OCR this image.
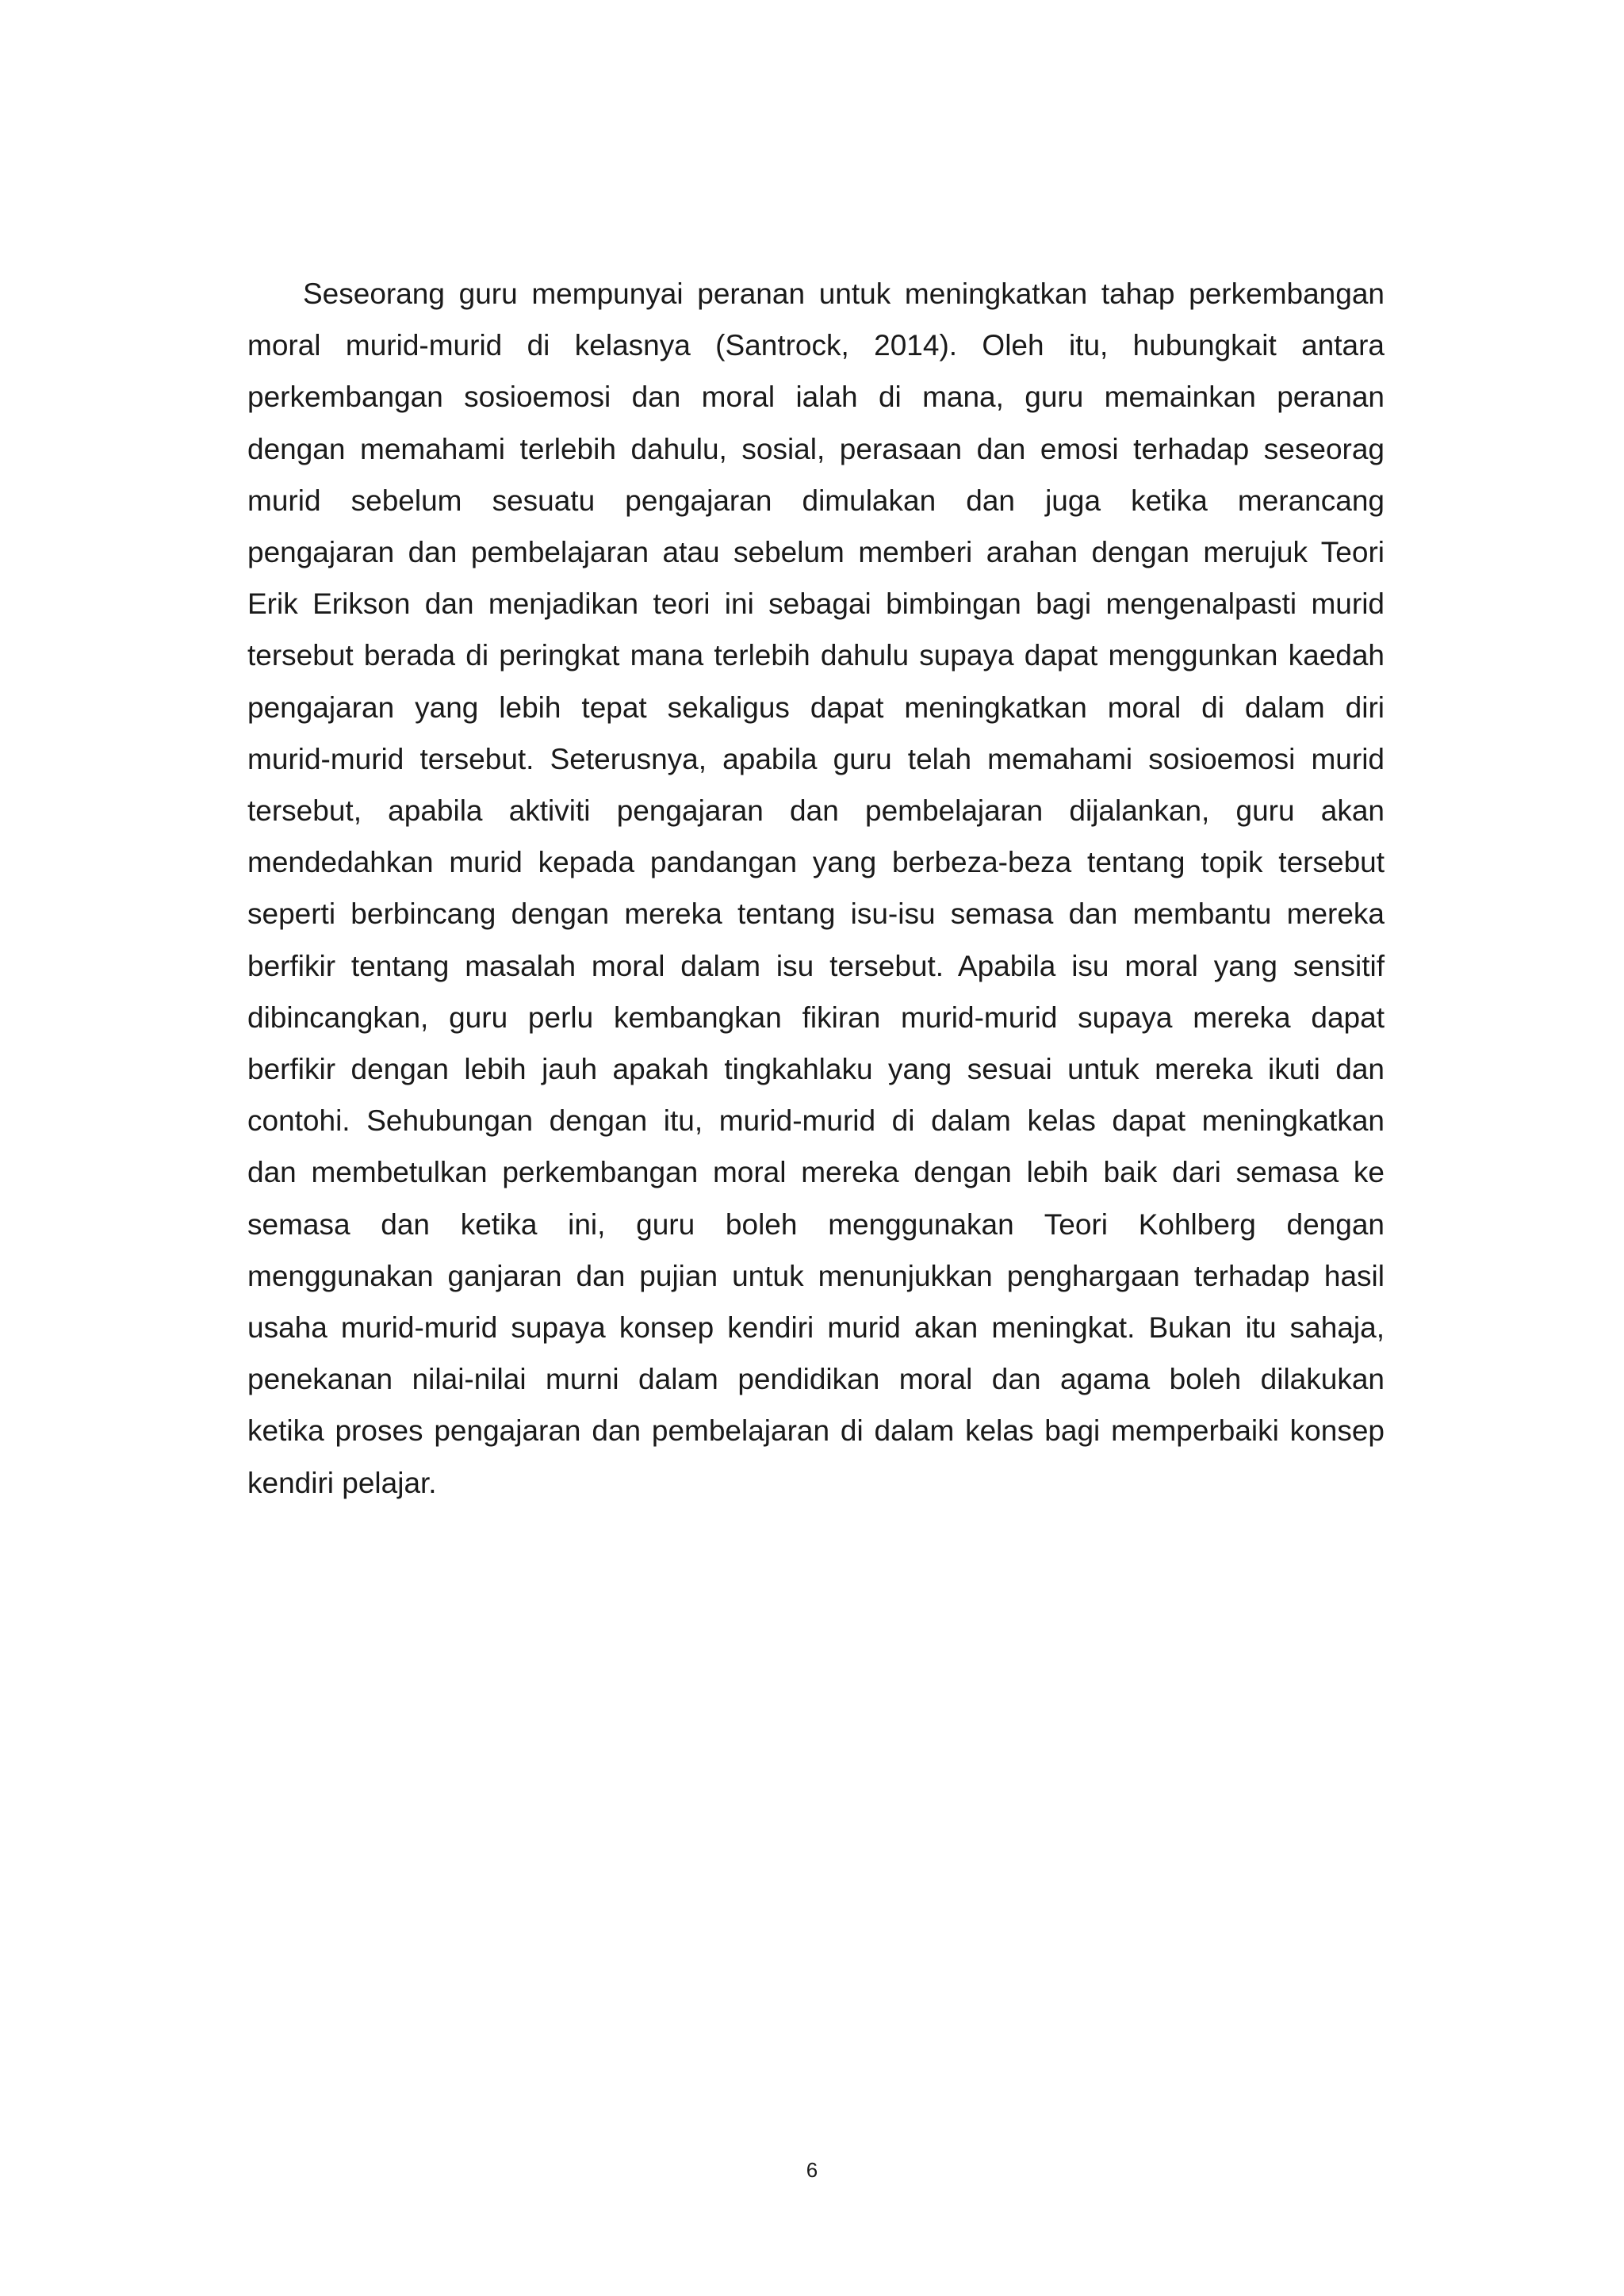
Seseorang guru mempunyai peranan untuk meningkatkan tahap perkembangan
moral murid-murid di kelasnya (Santrock, 2014). Oleh itu, hubungkait antara
perkembangan sosioemosi dan moral ialah di mana, guru memainkan peranan
dengan memahami terlebih dahulu, sosial, perasaan dan emosi terhadap seseorag
murid sebelum sesuatu pengajaran dimulakan dan juga ketika merancang
pengajaran dan pembelajaran atau sebelum memberi arahan dengan merujuk Teori
Erik Erikson dan menjadikan teori ini sebagai bimbingan bagi mengenalpasti murid
tersebut berada di peringkat mana terlebih dahulu supaya dapat menggunkan kaedah
pengajaran yang lebih tepat sekaligus dapat meningkatkan moral di dalam diri
murid-murid tersebut. Seterusnya, apabila guru telah memahami sosioemosi murid
tersebut, apabila aktiviti pengajaran dan pembelajaran dijalankan, guru akan
mendedahkan murid kepada pandangan yang berbeza-beza tentang topik tersebut
seperti berbincang dengan mereka tentang isu-isu semasa dan membantu mereka
berfikir tentang masalah moral dalam isu tersebut. Apabila isu moral yang sensitif
dibincangkan, guru perlu kembangkan fikiran murid-murid supaya mereka dapat
berfikir dengan lebih jauh apakah tingkahlaku yang sesuai untuk mereka ikuti dan
contohi. Sehubungan dengan itu, murid-murid di dalam kelas dapat meningkatkan
dan membetulkan perkembangan moral mereka dengan lebih baik dari semasa ke
semasa dan ketika ini, guru boleh menggunakan Teori Kohlberg dengan
menggunakan ganjaran dan pujian untuk menunjukkan penghargaan terhadap hasil
usaha murid-murid supaya konsep kendiri murid akan meningkat. Bukan itu sahaja,
penekanan nilai-nilai murni dalam pendidikan moral dan agama boleh dilakukan
ketika proses pengajaran dan pembelajaran di dalam kelas bagi memperbaiki konsep
kendiri pelajar.

6
